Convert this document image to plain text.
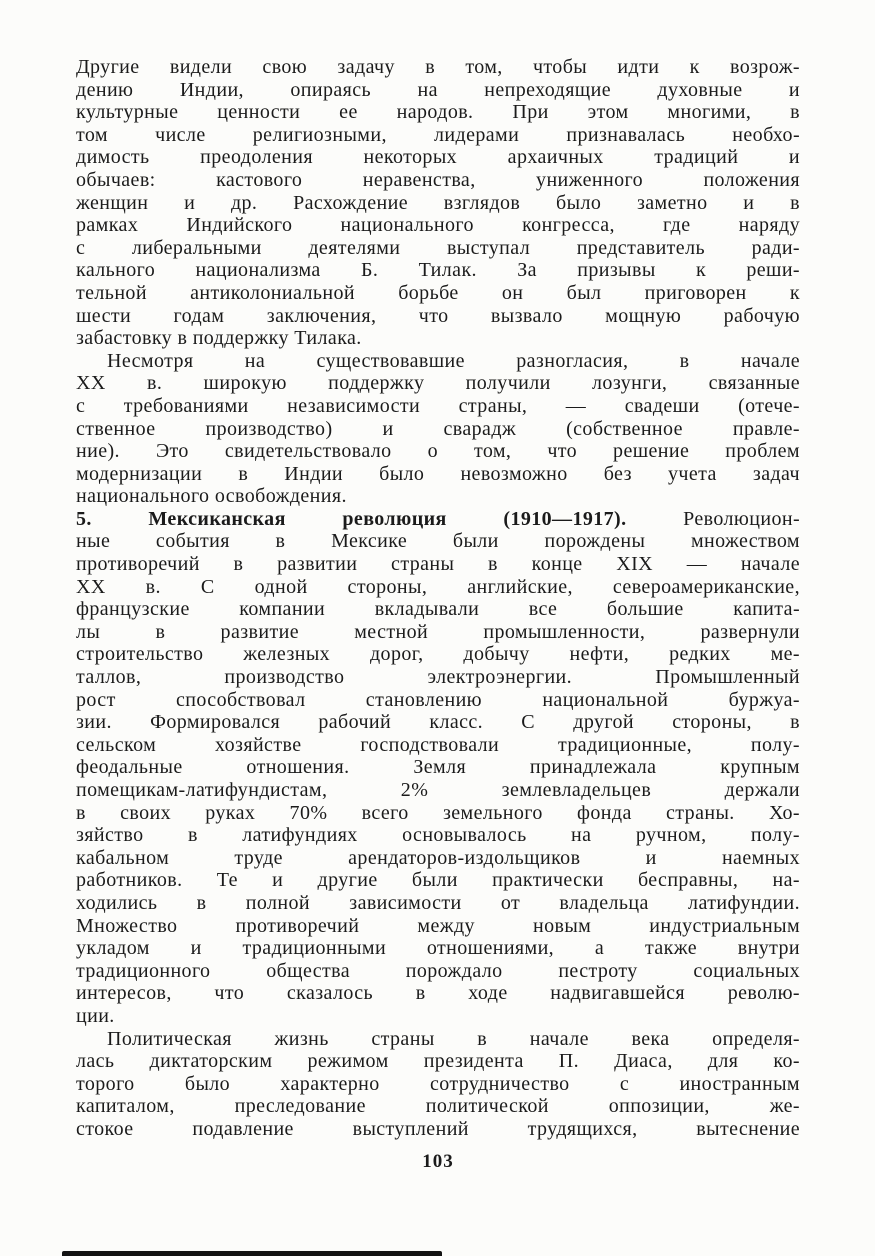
Другие видели свою задачу в том, чтобы идти к возрож-
дению Индии, опираясь на непреходящие духовные и
культурные ценности ее народов. При этом многими, в
том числе религиозными, лидерами признавалась необхо-
димость преодоления некоторых архаичных традиций и
обычаев: кастового неравенства, униженного положения
женщин и др. Расхождение взглядов было заметно и в
рамках Индийского национального конгресса, где наряду
с либеральными деятелями выступал представитель ради-
кального национализма Б. Тилак. За призывы к реши-
тельной антиколониальной борьбе он был приговорен к
шести годам заключения, что вызвало мощную рабочую
забастовку в поддержку Тилака.
Несмотря на существовавшие разногласия, в начале
XX в. широкую поддержку получили лозунги, связанные
с требованиями независимости страны, — свадеши (отече-
ственное производство) и сварадж (собственное правле-
ние). Это свидетельствовало о том, что решение проблем
модернизации в Индии было невозможно без учета задач
национального освобождения.
5. Мексиканская революция (1910—1917).	Революцион-
ные события в Мексике были порождены множеством
противоречий в развитии страны в конце XIX — начале
XX в. С одной стороны, английские, североамериканские,
французские компании вкладывали все большие капита-
лы в развитие местной промышленности, развернули
строительство железных дорог, добычу нефти, редких ме-
таллов, производство электроэнергии. Промышленный
рост способствовал становлению национальной буржуа-
зии. Формировался рабочий класс. С другой стороны, в
сельском хозяйстве господствовали традиционные, полу-
феодальные отношения. Земля принадлежала крупным
помещикам-латифундистам, 2% землевладельцев держали
в своих руках 70% всего земельного фонда страны. Хо-
зяйство в латифундиях основывалось на ручном, полу-
кабальном труде арендаторов-издольщиков и наемных
работников. Те и другие были практически бесправны, на-
ходились в полной зависимости от владельца латифундии.
Множество противоречий между новым индустриальным
укладом и традиционными отношениями, а также внутри
традиционного общества порождало пестроту социальных
интересов, что сказалось в ходе надвигавшейся револю-
ции.
Политическая жизнь страны в начале века определя-
лась диктаторским режимом президента П. Диаса, для ко-
торого было характерно сотрудничество с иностранным
капиталом, преследование политической оппозиции, же-
стокое подавление выступлений трудящихся, вытеснение
103
